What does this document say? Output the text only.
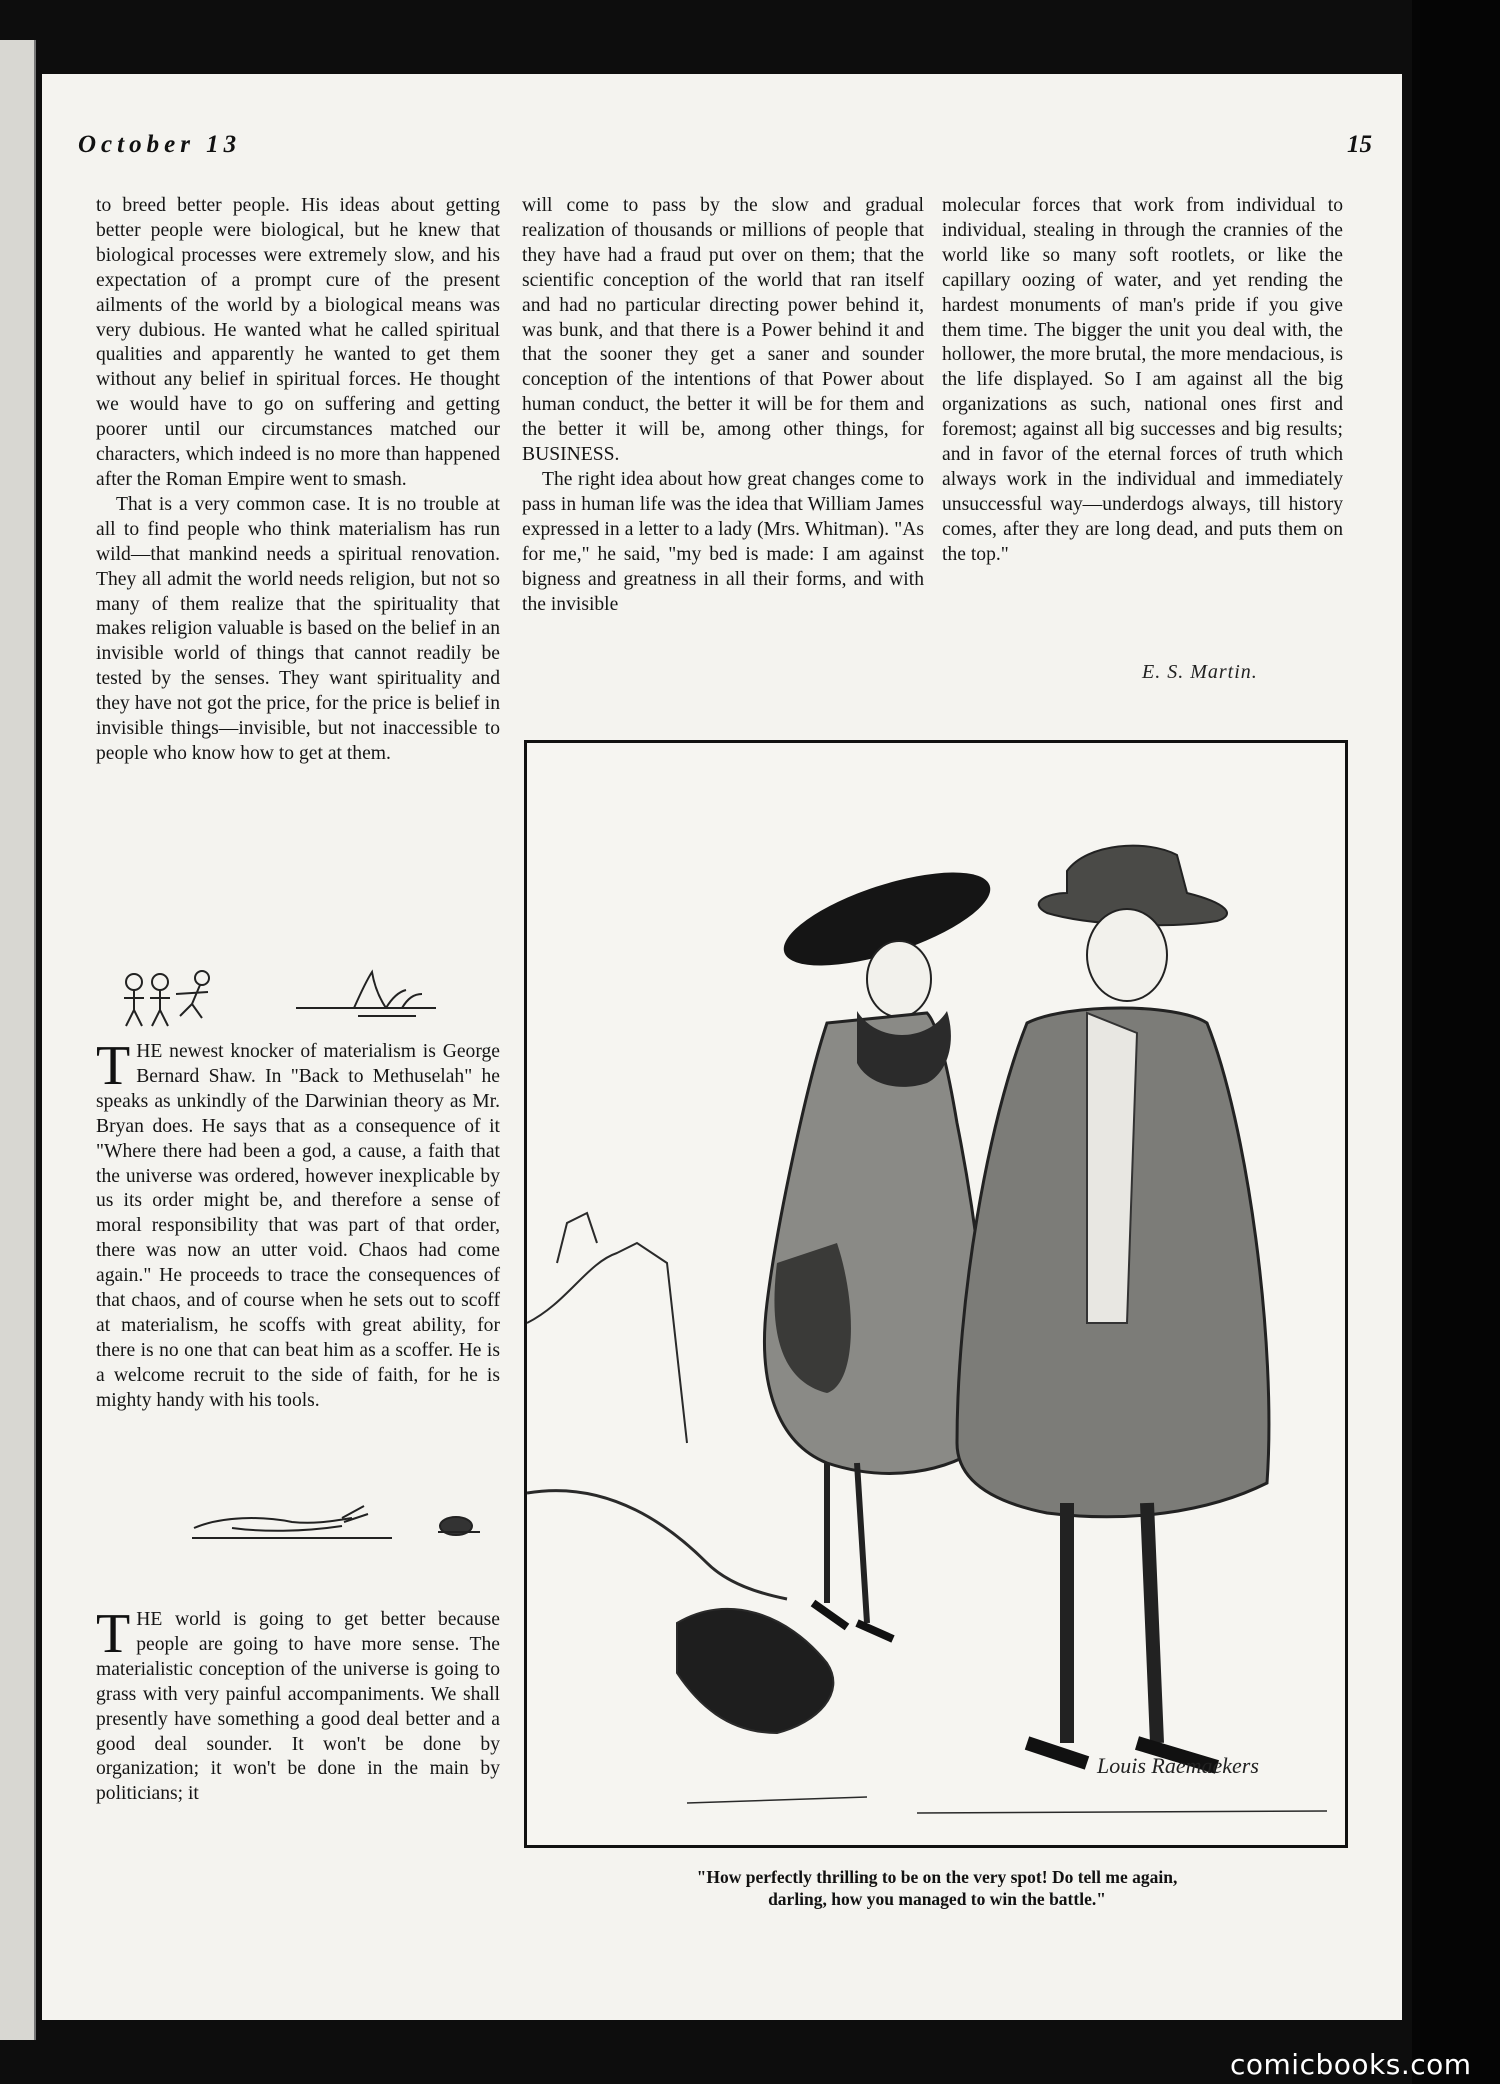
October 13	15

to breed better people. His ideas about getting better people were biological, but he knew that biological processes were extremely slow, and his expectation of a prompt cure of the present ailments of the world by a biological means was very dubious. He wanted what he called spiritual qualities and apparently he wanted to get them without any belief in spiritual forces. He thought we would have to go on suffering and getting poorer until our circumstances matched our characters, which indeed is no more than happened after the Roman Empire went to smash.

That is a very common case. It is no trouble at all to find people who think materialism has run wild—that mankind needs a spiritual renovation. They all admit the world needs religion, but not so many of them realize that the spirituality that makes religion valuable is based on the belief in an invisible world of things that cannot readily be tested by the senses. They want spirituality and they have not got the price, for the price is belief in invisible things—invisible, but not inaccessible to people who know how to get at them.

T HE newest knocker of materialism is George Bernard Shaw. In "Back to Methuselah" he speaks as unkindly of the Darwinian theory as Mr. Bryan does. He says that as a consequence of it "Where there had been a god, a cause, a faith that the universe was ordered, however inexplicable by us its order might be, and therefore a sense of moral responsibility that was part of that order, there was now an utter void. Chaos had come again." He proceeds to trace the consequences of that chaos, and of course when he sets out to scoff at materialism, he scoffs with great ability, for there is no one that can beat him as a scoffer. He is a welcome recruit to the side of faith, for he is mighty handy with his tools.

T HE world is going to get better because people are going to have more sense. The materialistic conception of the universe is going to grass with very painful accompaniments. We shall presently have something a good deal better and a good deal sounder. It won't be done by organization; it won't be done in the main by politicians; it

will come to pass by the slow and gradual realization of thousands or millions of people that they have had a fraud put over on them; that the scientific conception of the world that ran itself and had no particular directing power behind it, was bunk, and that there is a Power behind it and that the sooner they get a saner and sounder conception of the intentions of that Power about human conduct, the better it will be for them and the better it will be, among other things, for BUSINESS.

The right idea about how great changes come to pass in human life was the idea that William James expressed in a letter to a lady (Mrs. Whitman). "As for me," he said, "my bed is made: I am against bigness and greatness in all their forms, and with the invisible

molecular forces that work from individual to individual, stealing in through the crannies of the world like so many soft rootlets, or like the capillary oozing of water, and yet rending the hardest monuments of man's pride if you give them time. The bigger the unit you deal with, the hollower, the more brutal, the more mendacious, is the life displayed. So I am against all the big organizations as such, national ones first and foremost; against all big successes and big results; and in favor of the eternal forces of truth which always work in the individual and immediately unsuccessful way—underdogs always, till history comes, after they are long dead, and puts them on the top."

E. S. Martin.
Louis Raemaekers
"How perfectly thrilling to be on the very spot! Do tell me again,
darling, how you managed to win the battle."
comicbooks.com
